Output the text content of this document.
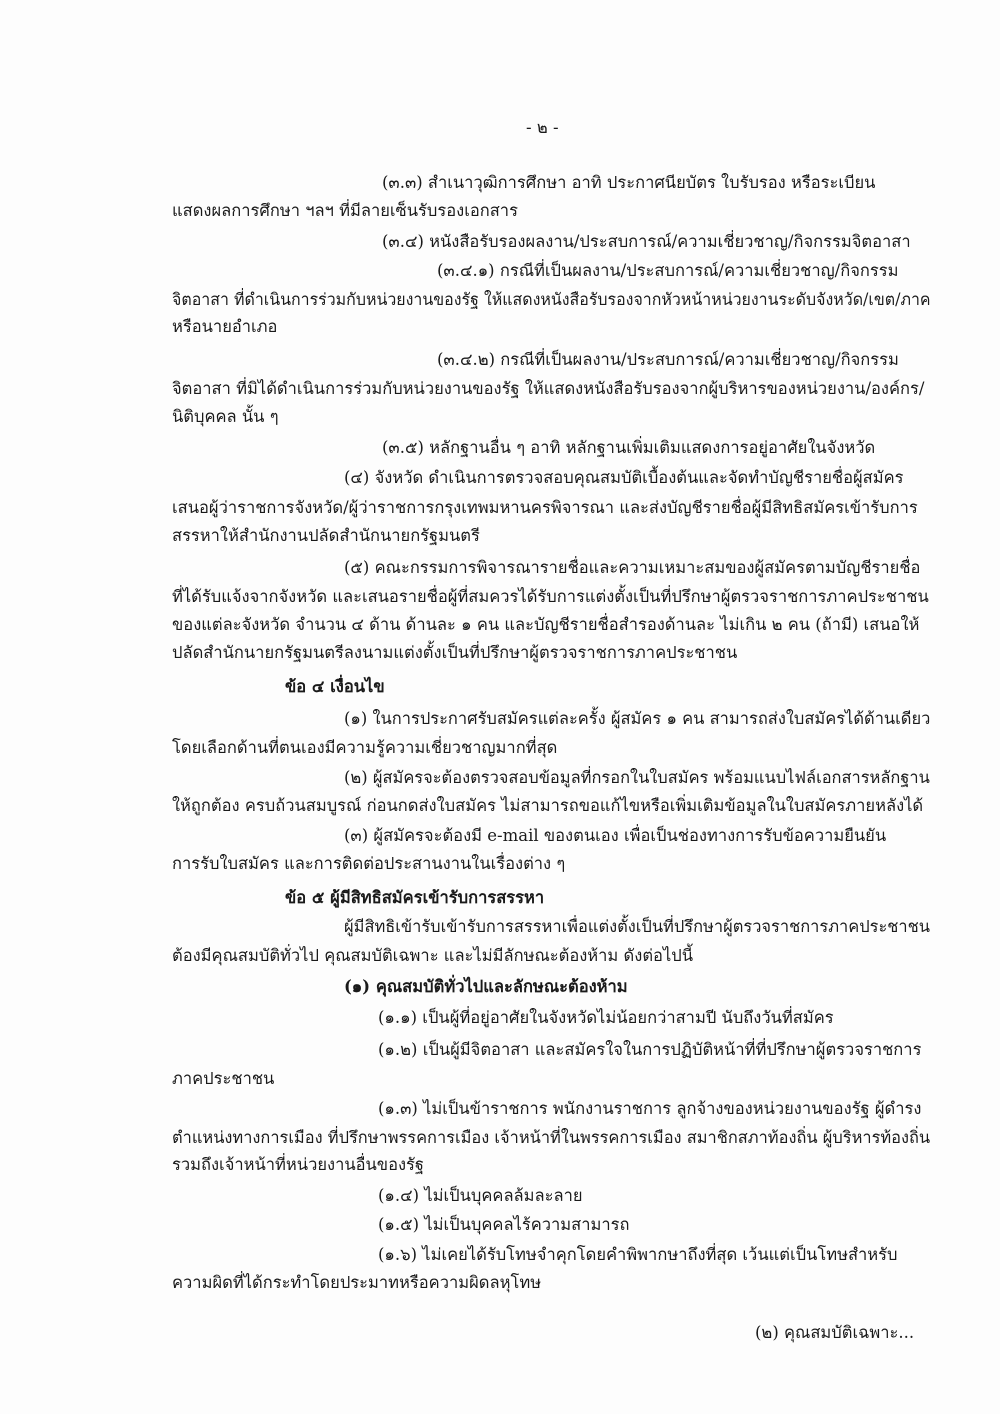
- ๒ -
(๓.๓) สำเนาวุฒิการศึกษา อาทิ ประกาศนียบัตร ใบรับรอง หรือระเบียน
แสดงผลการศึกษา ฯลฯ ที่มีลายเซ็นรับรองเอกสาร
(๓.๔) หนังสือรับรองผลงาน/ประสบการณ์/ความเชี่ยวชาญ/กิจกรรมจิตอาสา
(๓.๔.๑) กรณีที่เป็นผลงาน/ประสบการณ์/ความเชี่ยวชาญ/กิจกรรม
จิตอาสา ที่ดำเนินการร่วมกับหน่วยงานของรัฐ ให้แสดงหนังสือรับรองจากหัวหน้าหน่วยงานระดับจังหวัด/เขต/ภาค
หรือนายอำเภอ
(๓.๔.๒) กรณีที่เป็นผลงาน/ประสบการณ์/ความเชี่ยวชาญ/กิจกรรม
จิตอาสา ที่มิได้ดำเนินการร่วมกับหน่วยงานของรัฐ ให้แสดงหนังสือรับรองจากผู้บริหารของหน่วยงาน/องค์กร/
นิติบุคคล นั้น ๆ
(๓.๕) หลักฐานอื่น ๆ อาทิ หลักฐานเพิ่มเติมแสดงการอยู่อาศัยในจังหวัด
(๔) จังหวัด ดำเนินการตรวจสอบคุณสมบัติเบื้องต้นและจัดทำบัญชีรายชื่อผู้สมัคร
เสนอผู้ว่าราชการจังหวัด/ผู้ว่าราชการกรุงเทพมหานครพิจารณา และส่งบัญชีรายชื่อผู้มีสิทธิสมัครเข้ารับการ
สรรหาให้สำนักงานปลัดสำนักนายกรัฐมนตรี
(๕) คณะกรรมการพิจารณารายชื่อและความเหมาะสมของผู้สมัครตามบัญชีรายชื่อ
ที่ได้รับแจ้งจากจังหวัด และเสนอรายชื่อผู้ที่สมควรได้รับการแต่งตั้งเป็นที่ปรึกษาผู้ตรวจราชการภาคประชาชน
ของแต่ละจังหวัด จำนวน ๔ ด้าน ด้านละ ๑ คน และบัญชีรายชื่อสำรองด้านละ ไม่เกิน ๒ คน (ถ้ามี) เสนอให้
ปลัดสำนักนายกรัฐมนตรีลงนามแต่งตั้งเป็นที่ปรึกษาผู้ตรวจราชการภาคประชาชน
ข้อ ๔ เงื่อนไข
(๑) ในการประกาศรับสมัครแต่ละครั้ง ผู้สมัคร ๑ คน สามารถส่งใบสมัครได้ด้านเดียว
โดยเลือกด้านที่ตนเองมีความรู้ความเชี่ยวชาญมากที่สุด
(๒) ผู้สมัครจะต้องตรวจสอบข้อมูลที่กรอกในใบสมัคร พร้อมแนบไฟล์เอกสารหลักฐาน
ให้ถูกต้อง ครบถ้วนสมบูรณ์ ก่อนกดส่งใบสมัคร ไม่สามารถขอแก้ไขหรือเพิ่มเติมข้อมูลในใบสมัครภายหลังได้
(๓) ผู้สมัครจะต้องมี e-mail ของตนเอง เพื่อเป็นช่องทางการรับข้อความยืนยัน
การรับใบสมัคร และการติดต่อประสานงานในเรื่องต่าง ๆ
ข้อ ๕ ผู้มีสิทธิสมัครเข้ารับการสรรหา
ผู้มีสิทธิเข้ารับเข้ารับการสรรหาเพื่อแต่งตั้งเป็นที่ปรึกษาผู้ตรวจราชการภาคประชาชน
ต้องมีคุณสมบัติทั่วไป คุณสมบัติเฉพาะ และไม่มีลักษณะต้องห้าม ดังต่อไปนี้
(๑) คุณสมบัติทั่วไปและลักษณะต้องห้าม
(๑.๑) เป็นผู้ที่อยู่อาศัยในจังหวัดไม่น้อยกว่าสามปี นับถึงวันที่สมัคร
(๑.๒) เป็นผู้มีจิตอาสา และสมัครใจในการปฏิบัติหน้าที่ที่ปรึกษาผู้ตรวจราชการ
ภาคประชาชน
(๑.๓) ไม่เป็นข้าราชการ พนักงานราชการ ลูกจ้างของหน่วยงานของรัฐ ผู้ดำรง
ตำแหน่งทางการเมือง ที่ปรึกษาพรรคการเมือง เจ้าหน้าที่ในพรรคการเมือง สมาชิกสภาท้องถิ่น ผู้บริหารท้องถิ่น
รวมถึงเจ้าหน้าที่หน่วยงานอื่นของรัฐ
(๑.๔) ไม่เป็นบุคคลล้มละลาย
(๑.๕) ไม่เป็นบุคคลไร้ความสามารถ
(๑.๖) ไม่เคยได้รับโทษจำคุกโดยคำพิพากษาถึงที่สุด เว้นแต่เป็นโทษสำหรับ
ความผิดที่ได้กระทำโดยประมาทหรือความผิดลหุโทษ
(๒) คุณสมบัติเฉพาะ...
